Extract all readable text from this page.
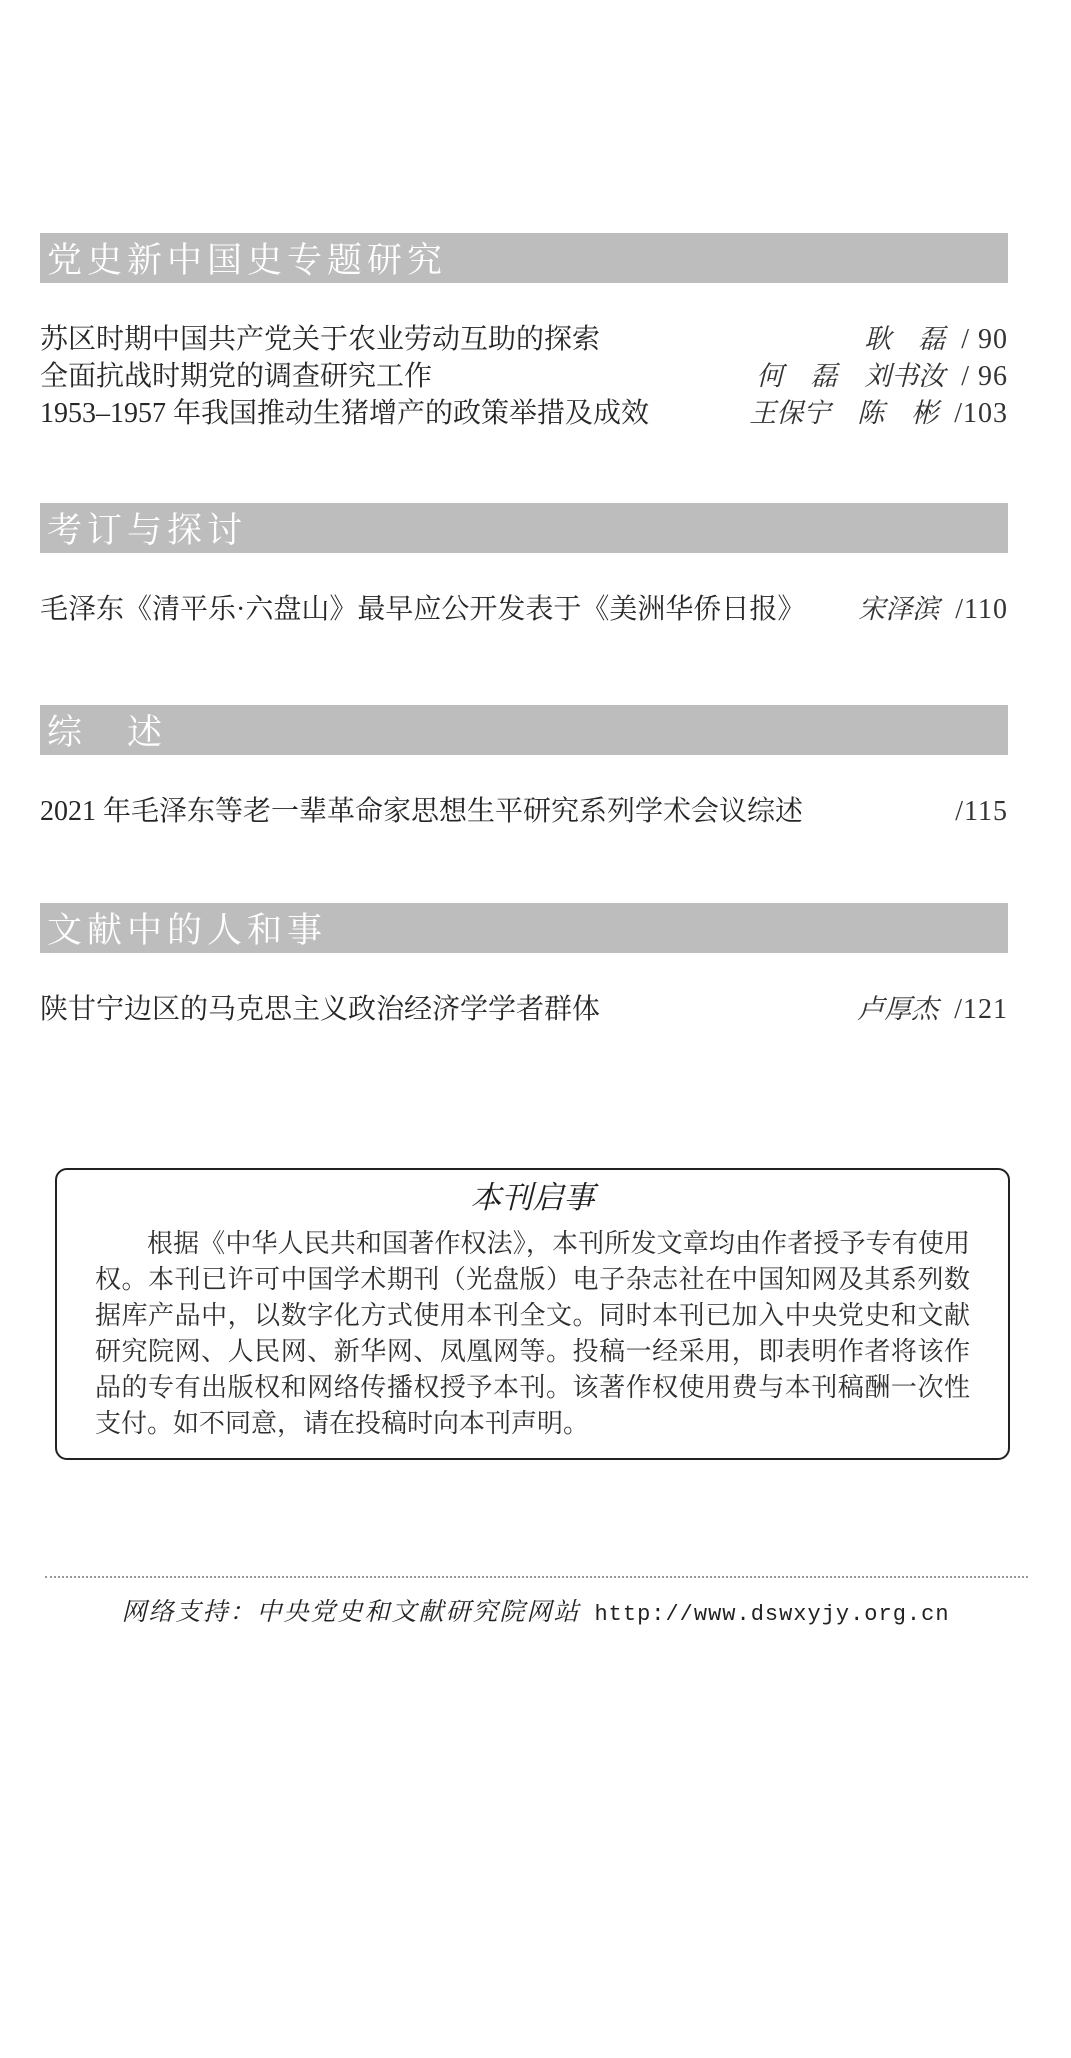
党史新中国史专题研究
苏区时期中国共产党关于农业劳动互助的探索	耿　磊 / 90
全面抗战时期党的调查研究工作	何　磊　刘书汝 / 96
1953–1957 年我国推动生猪增产的政策举措及成效	王保宁　陈　彬 /103
考订与探讨
毛泽东《清平乐·六盘山》最早应公开发表于《美洲华侨日报》 宋泽滨 /110
综　述
2021 年毛泽东等老一辈革命家思想生平研究系列学术会议综述	/115
文献中的人和事
陕甘宁边区的马克思主义政治经济学学者群体	卢厚杰 /121
本刊启事
根据《中华人民共和国著作权法》，本刊所发文章均由作者授予专有使用权。本刊已许可中国学术期刊（光盘版）电子杂志社在中国知网及其系列数据库产品中，以数字化方式使用本刊全文。同时本刊已加入中央党史和文献研究院网、人民网、新华网、凤凰网等。投稿一经采用，即表明作者将该作品的专有出版权和网络传播权授予本刊。该著作权使用费与本刊稿酬一次性支付。如不同意，请在投稿时向本刊声明。
网络支持：中央党史和文献研究院网站 http://www.dswxyjy.org.cn
